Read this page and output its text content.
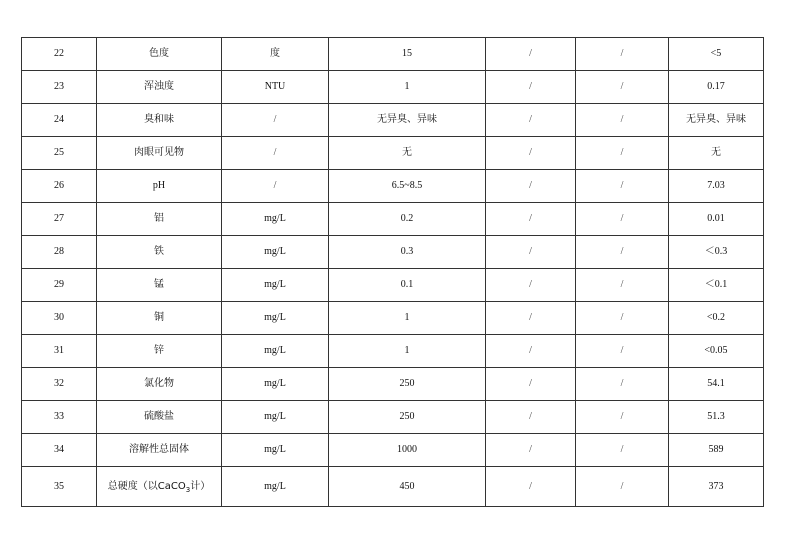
22	色度	度	15	/	/	<5
23	浑浊度	NTU	1	/	/	0.17
24	臭和味	/	无异臭、异味	/	/	无异臭、异味
25	肉眼可见物	/	无	/	/	无
26	pH	/	6.5~8.5	/	/	7.03
27	铝	mg/L	0.2	/	/	0.01
28	铁	mg/L	0.3	/	/	＜0.3
29	锰	mg/L	0.1	/	/	＜0.1
30	铜	mg/L	1	/	/	<0.2
31	锌	mg/L	1	/	/	<0.05
32	氯化物	mg/L	250	/	/	54.1
33	硫酸盐	mg/L	250	/	/	51.3
34	溶解性总固体	mg/L	1000	/	/	589
35	总硬度（以CaCO$_3$计）	mg/L	450	/	/	373
